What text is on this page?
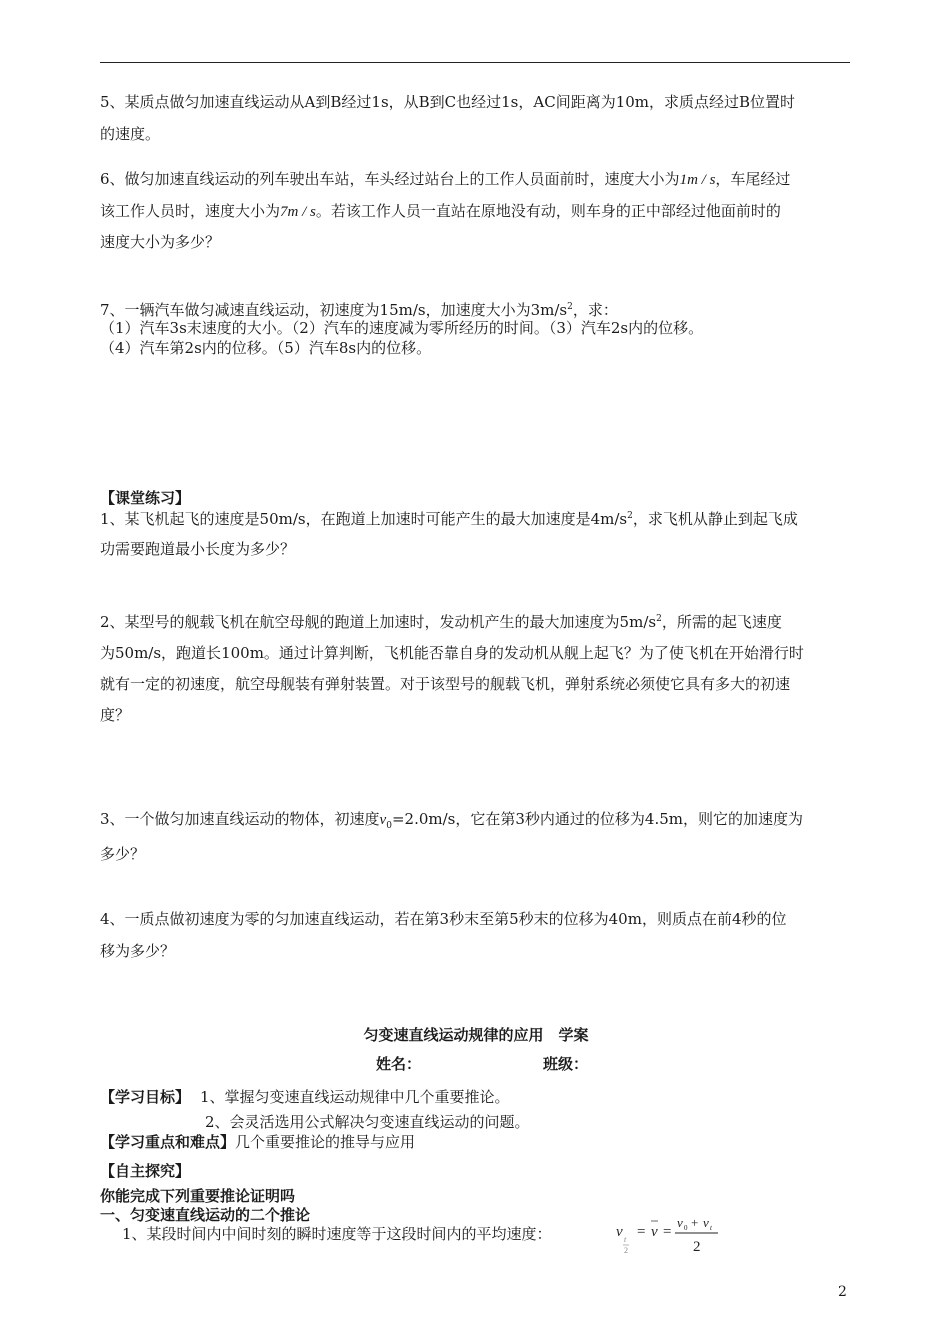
5、某质点做匀加速直线运动从A到B经过1s，从B到C也经过1s，AC间距离为10m，求质点经过B位置时
的速度。
6、做匀加速直线运动的列车驶出车站，车头经过站台上的工作人员面前时，速度大小为1m / s，车尾经过
该工作人员时，速度大小为7m / s。若该工作人员一直站在原地没有动，则车身的正中部经过他面前时的
速度大小为多少？
7、一辆汽车做匀减速直线运动，初速度为15m/s，加速度大小为$3m/s^2$，求：
（1）汽车3s末速度的大小。（2）汽车的速度减为零所经历的时间。（3）汽车2s内的位移。
（4）汽车第2s内的位移。（5）汽车8s内的位移。
【课堂练习】
1、某飞机起飞的速度是50m/s，在跑道上加速时可能产生的最大加速度是$4m/s^2$，求飞机从静止到起飞成
功需要跑道最小长度为多少？
2、某型号的舰载飞机在航空母舰的跑道上加速时，发动机产生的最大加速度为$5m/s^2$，所需的起飞速度
为50m/s，跑道长100m。通过计算判断，飞机能否靠自身的发动机从舰上起飞？为了使飞机在开始滑行时
就有一定的初速度，航空母舰装有弹射装置。对于该型号的舰载飞机，弹射系统必须使它具有多大的初速
度？
3、一个做匀加速直线运动的物体，初速度$v_0=2.0m/s$，它在第3秒内通过的位移为4.5m，则它的加速度为
多少？
4、一质点做初速度为零的匀加速直线运动，若在第3秒末至第5秒末的位移为40m，则质点在前4秒的位
移为多少？
匀变速直线运动规律的应用　学案
姓名：	班级：
【学习目标】 1、掌握匀变速直线运动规律中几个重要推论。
2、会灵活选用公式解决匀变速直线运动的问题。
【学习重点和难点】几个重要推论的推导与应用
【自主探究】
你能完成下列重要推论证明吗
一、匀变速直线运动的二个推论
1、某段时间内中间时刻的瞬时速度等于这段时间内的平均速度：	v t
2
= v =
v 0 + v t
2
2
